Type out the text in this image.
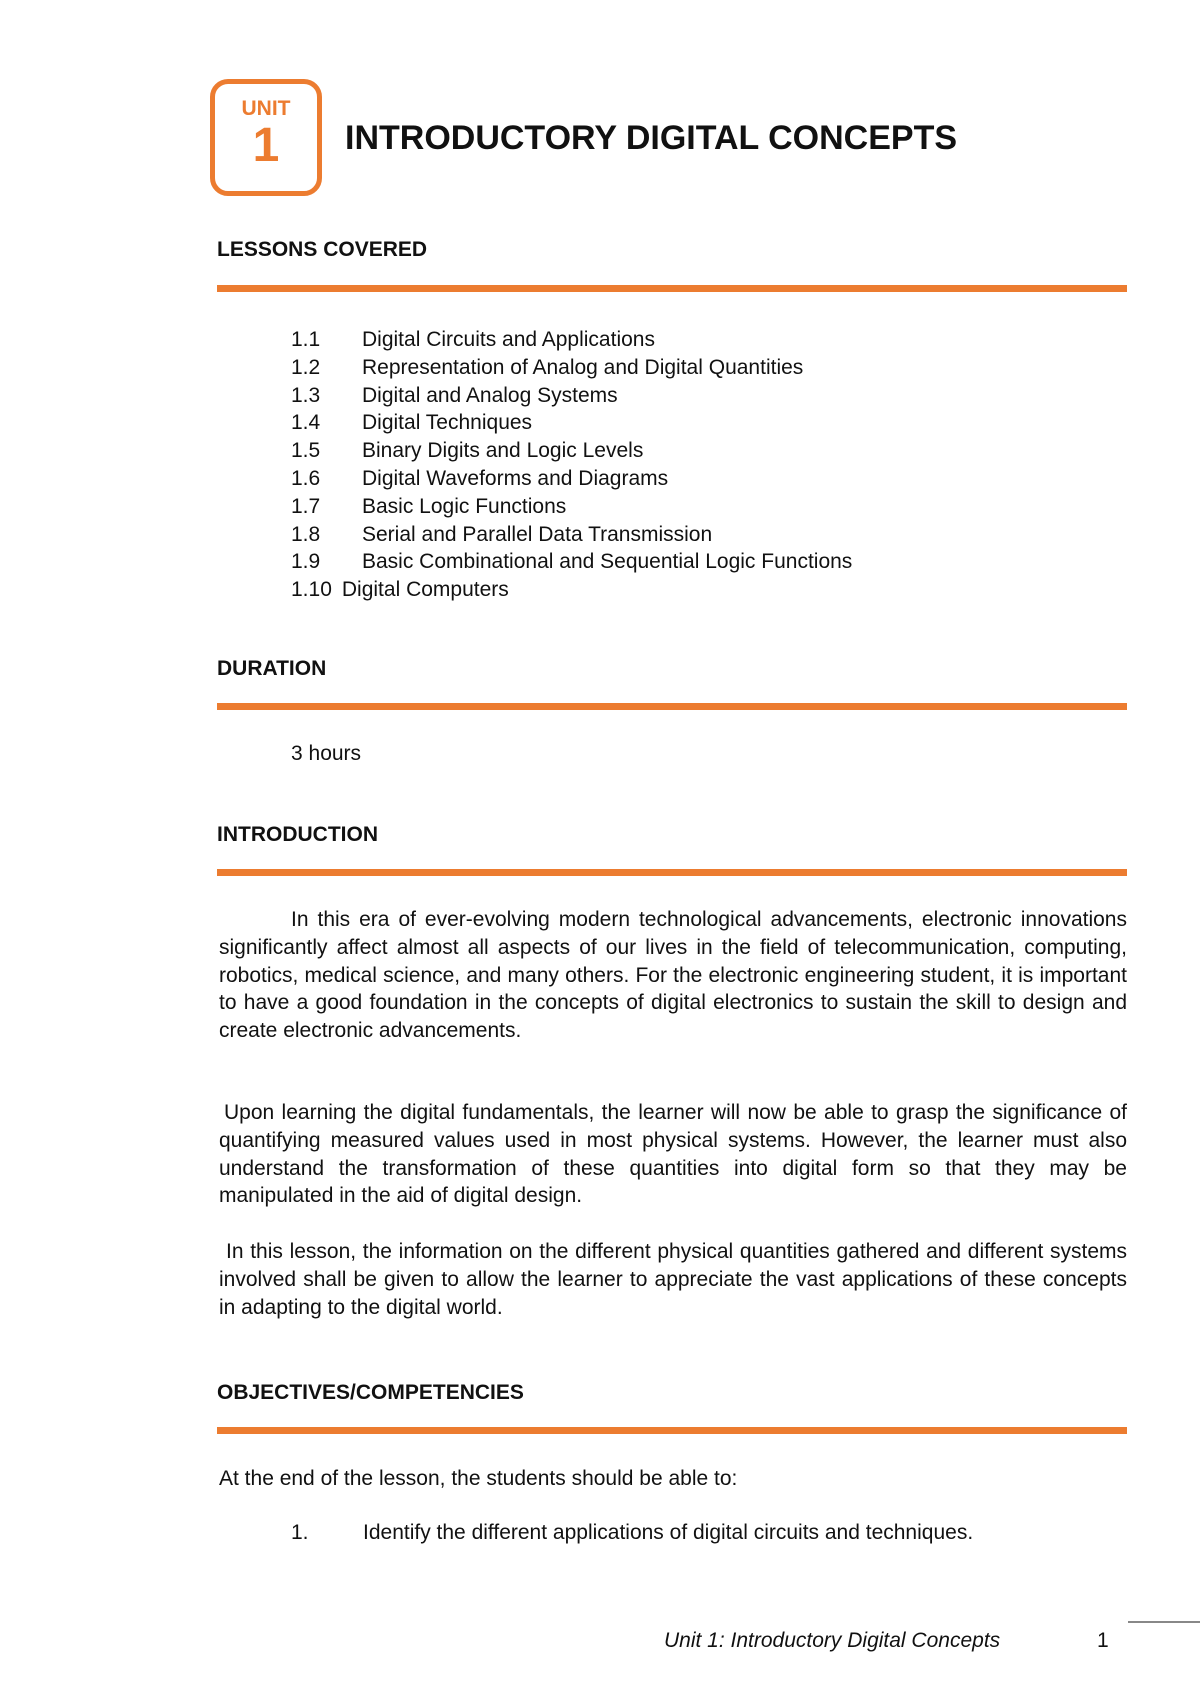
UNIT
1	INTRODUCTORY DIGITAL CONCEPTS
LESSONS COVERED
1.1 Digital Circuits and Applications
1.2 Representation of Analog and Digital Quantities
1.3 Digital and Analog Systems
1.4 Digital Techniques
1.5 Binary Digits and Logic Levels
1.6 Digital Waveforms and Diagrams
1.7 Basic Logic Functions
1.8 Serial and Parallel Data Transmission
1.9 Basic Combinational and Sequential Logic Functions
1.10 Digital Computers
DURATION

3 hours

INTRODUCTION

In this era of ever-evolving modern technological advancements, electronic innovations significantly affect almost all aspects of our lives in the field of telecommunication, computing, robotics, medical science, and many others. For the electronic engineering student, it is important to have a good foundation in the concepts of digital electronics to sustain the skill to design and create electronic advancements.

Upon learning the digital fundamentals, the learner will now be able to grasp the significance of quantifying measured values used in most physical systems. However, the learner must also understand the transformation of these quantities into digital form so that they may be manipulated in the aid of digital design.

In this lesson, the information on the different physical quantities gathered and different systems involved shall be given to allow the learner to appreciate the vast applications of these concepts in adapting to the digital world.

OBJECTIVES/COMPETENCIES

At the end of the lesson, the students should be able to:

1.	Identify the different applications of digital circuits and techniques.

Unit 1: Introductory Digital Concepts	1
